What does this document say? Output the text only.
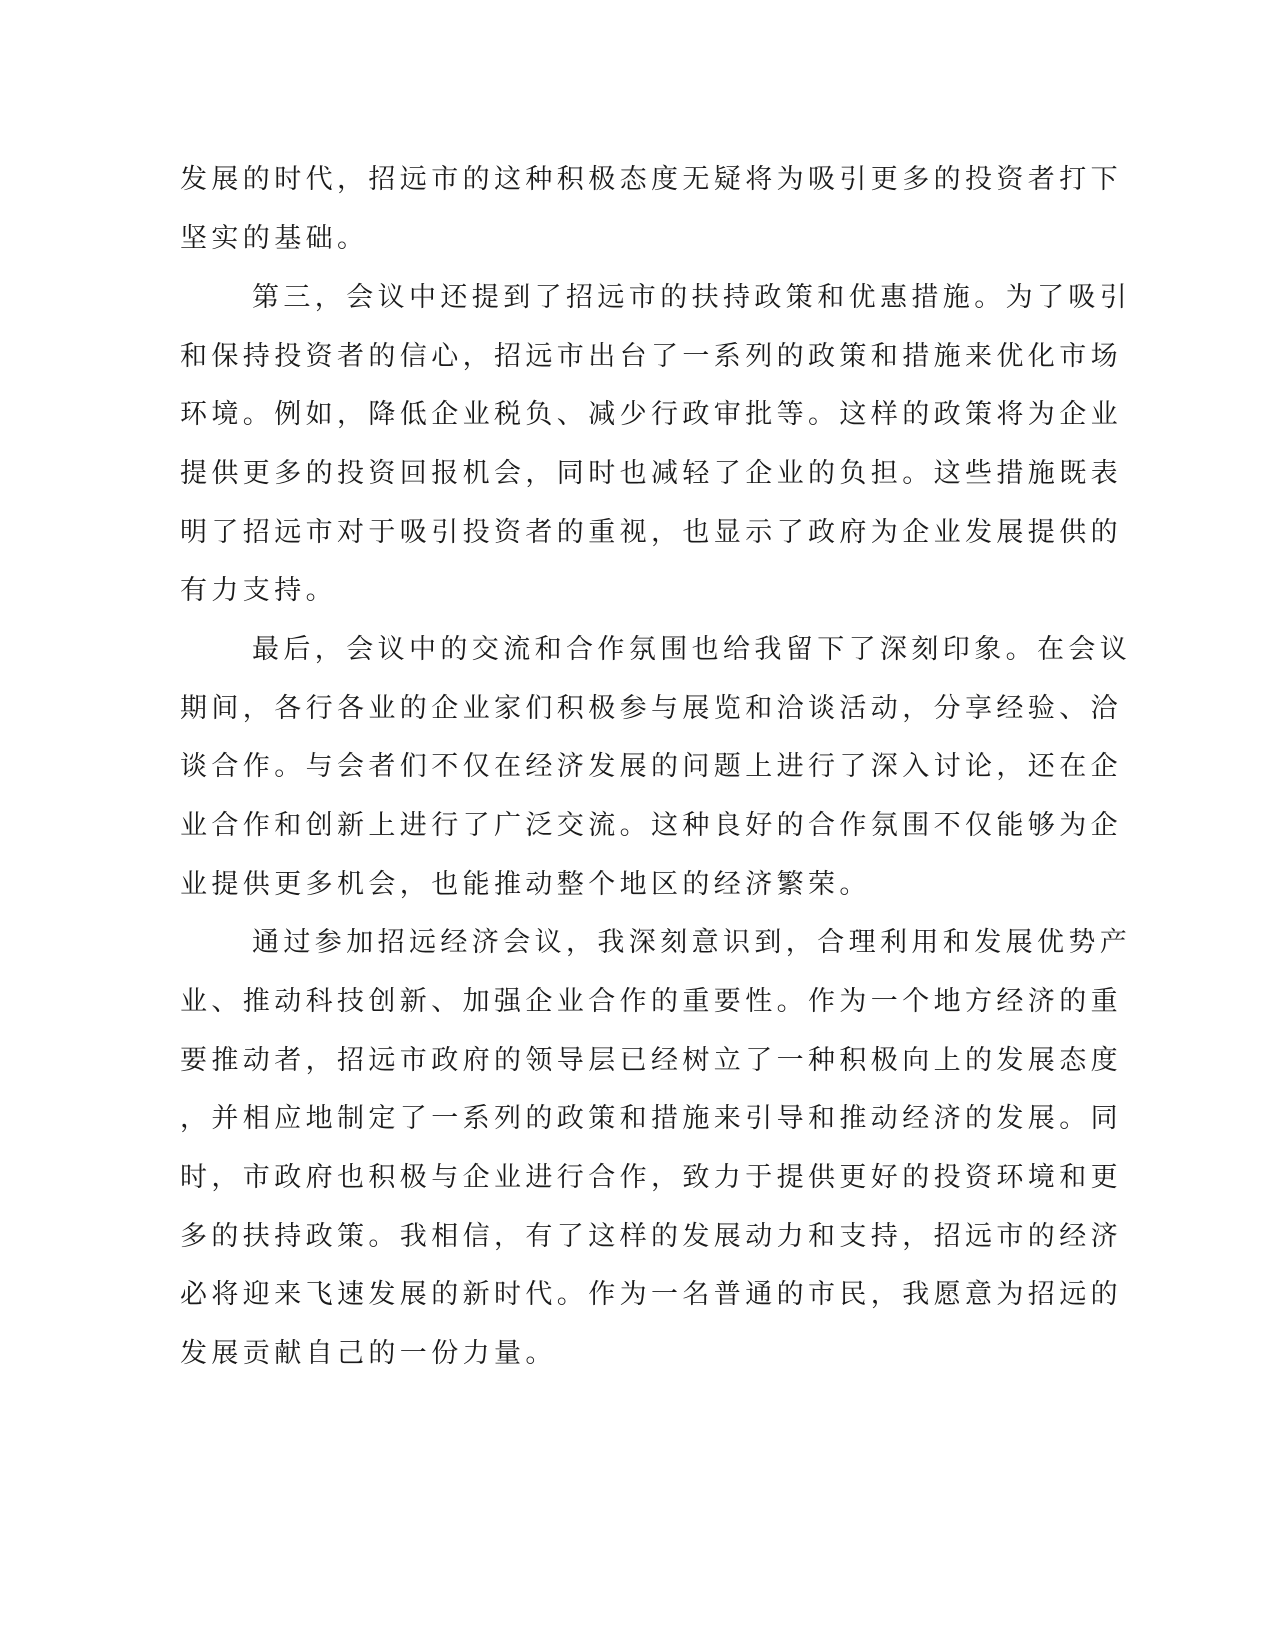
发展的时代，招远市的这种积极态度无疑将为吸引更多的投资者打下
坚实的基础。
第三，会议中还提到了招远市的扶持政策和优惠措施。为了吸引
和保持投资者的信心，招远市出台了一系列的政策和措施来优化市场
环境。例如，降低企业税负、减少行政审批等。这样的政策将为企业
提供更多的投资回报机会，同时也减轻了企业的负担。这些措施既表
明了招远市对于吸引投资者的重视，也显示了政府为企业发展提供的
有力支持。
最后，会议中的交流和合作氛围也给我留下了深刻印象。在会议
期间，各行各业的企业家们积极参与展览和洽谈活动，分享经验、洽
谈合作。与会者们不仅在经济发展的问题上进行了深入讨论，还在企
业合作和创新上进行了广泛交流。这种良好的合作氛围不仅能够为企
业提供更多机会，也能推动整个地区的经济繁荣。
通过参加招远经济会议，我深刻意识到，合理利用和发展优势产
业、推动科技创新、加强企业合作的重要性。作为一个地方经济的重
要推动者，招远市政府的领导层已经树立了一种积极向上的发展态度
，并相应地制定了一系列的政策和措施来引导和推动经济的发展。同
时，市政府也积极与企业进行合作，致力于提供更好的投资环境和更
多的扶持政策。我相信，有了这样的发展动力和支持，招远市的经济
必将迎来飞速发展的新时代。作为一名普通的市民，我愿意为招远的
发展贡献自己的一份力量。
